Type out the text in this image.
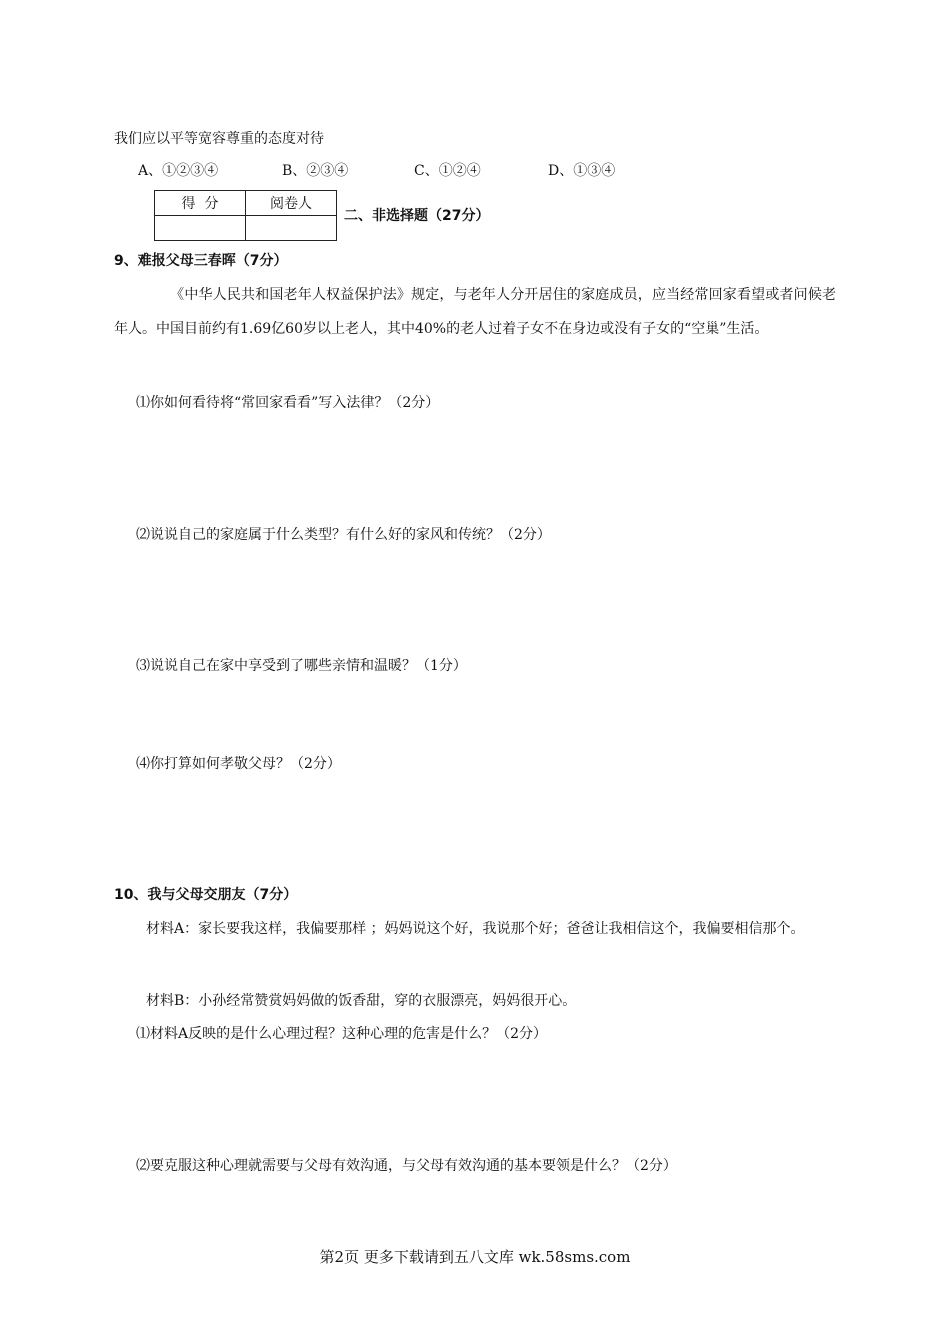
我们应以平等宽容尊重的态度对待
A、①②③④	B、②③④	C、①②④	D、①③④
得  分	阅卷人

二、非选择题（27分）
9、难报父母三春晖（7分）
《中华人民共和国老年人权益保护法》规定，与老年人分开居住的家庭成员，应当经常回家看望或者问候老年人。中国目前约有1.69亿60岁以上老人，其中40%的老人过着子女不在身边或没有子女的“空巢”生活。
⑴你如何看待将“常回家看看”写入法律？（2分）
⑵说说自己的家庭属于什么类型？有什么好的家风和传统？（2分）
⑶说说自己在家中享受到了哪些亲情和温暖？（1分）
⑷你打算如何孝敬父母？（2分）
10、我与父母交朋友（7分）
材料A：家长要我这样，我偏要那样 ；妈妈说这个好，我说那个好；爸爸让我相信这个，我偏要相信那个。
材料B：小孙经常赞赏妈妈做的饭香甜，穿的衣服漂亮，妈妈很开心。
⑴材料A反映的是什么心理过程？这种心理的危害是什么？（2分）
⑵要克服这种心理就需要与父母有效沟通，与父母有效沟通的基本要领是什么？（2分）
第2页 更多下载请到五八文库 wk.58sms.com
